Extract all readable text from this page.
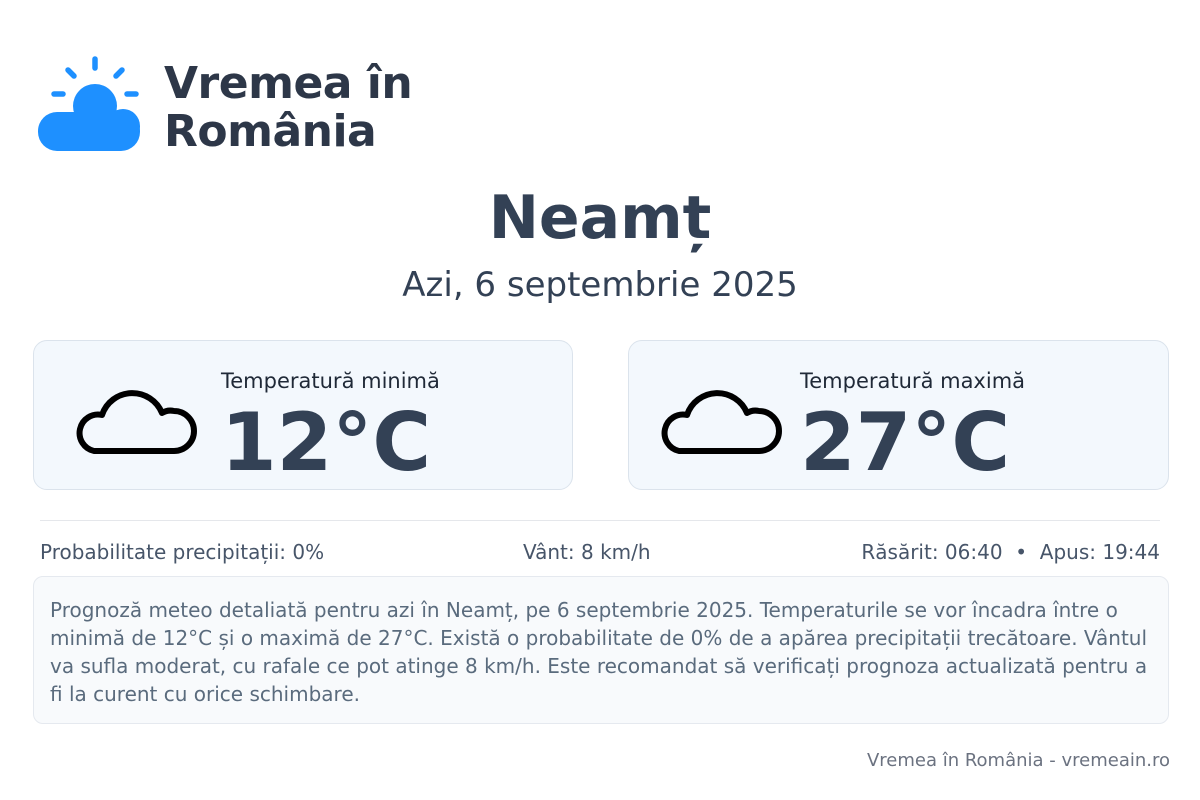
Vremea în
România
Neamț
Azi, 6 septembrie 2025
Temperatură minimă
12°C
Temperatură maximă
27°C
Probabilitate precipitații: 0%	Vânt: 8 km/h	Răsărit: 06:40  •  Apus: 19:44
Prognoză meteo detaliată pentru azi în Neamț, pe 6 septembrie 2025. Temperaturile se vor încadra între o minimă de 12°C și o maximă de 27°C. Există o probabilitate de 0% de a apărea precipitații trecătoare. Vântul va sufla moderat, cu rafale ce pot atinge 8 km/h. Este recomandat să verificați prognoza actualizată pentru a fi la curent cu orice schimbare.
Vremea în România - vremeain.ro
